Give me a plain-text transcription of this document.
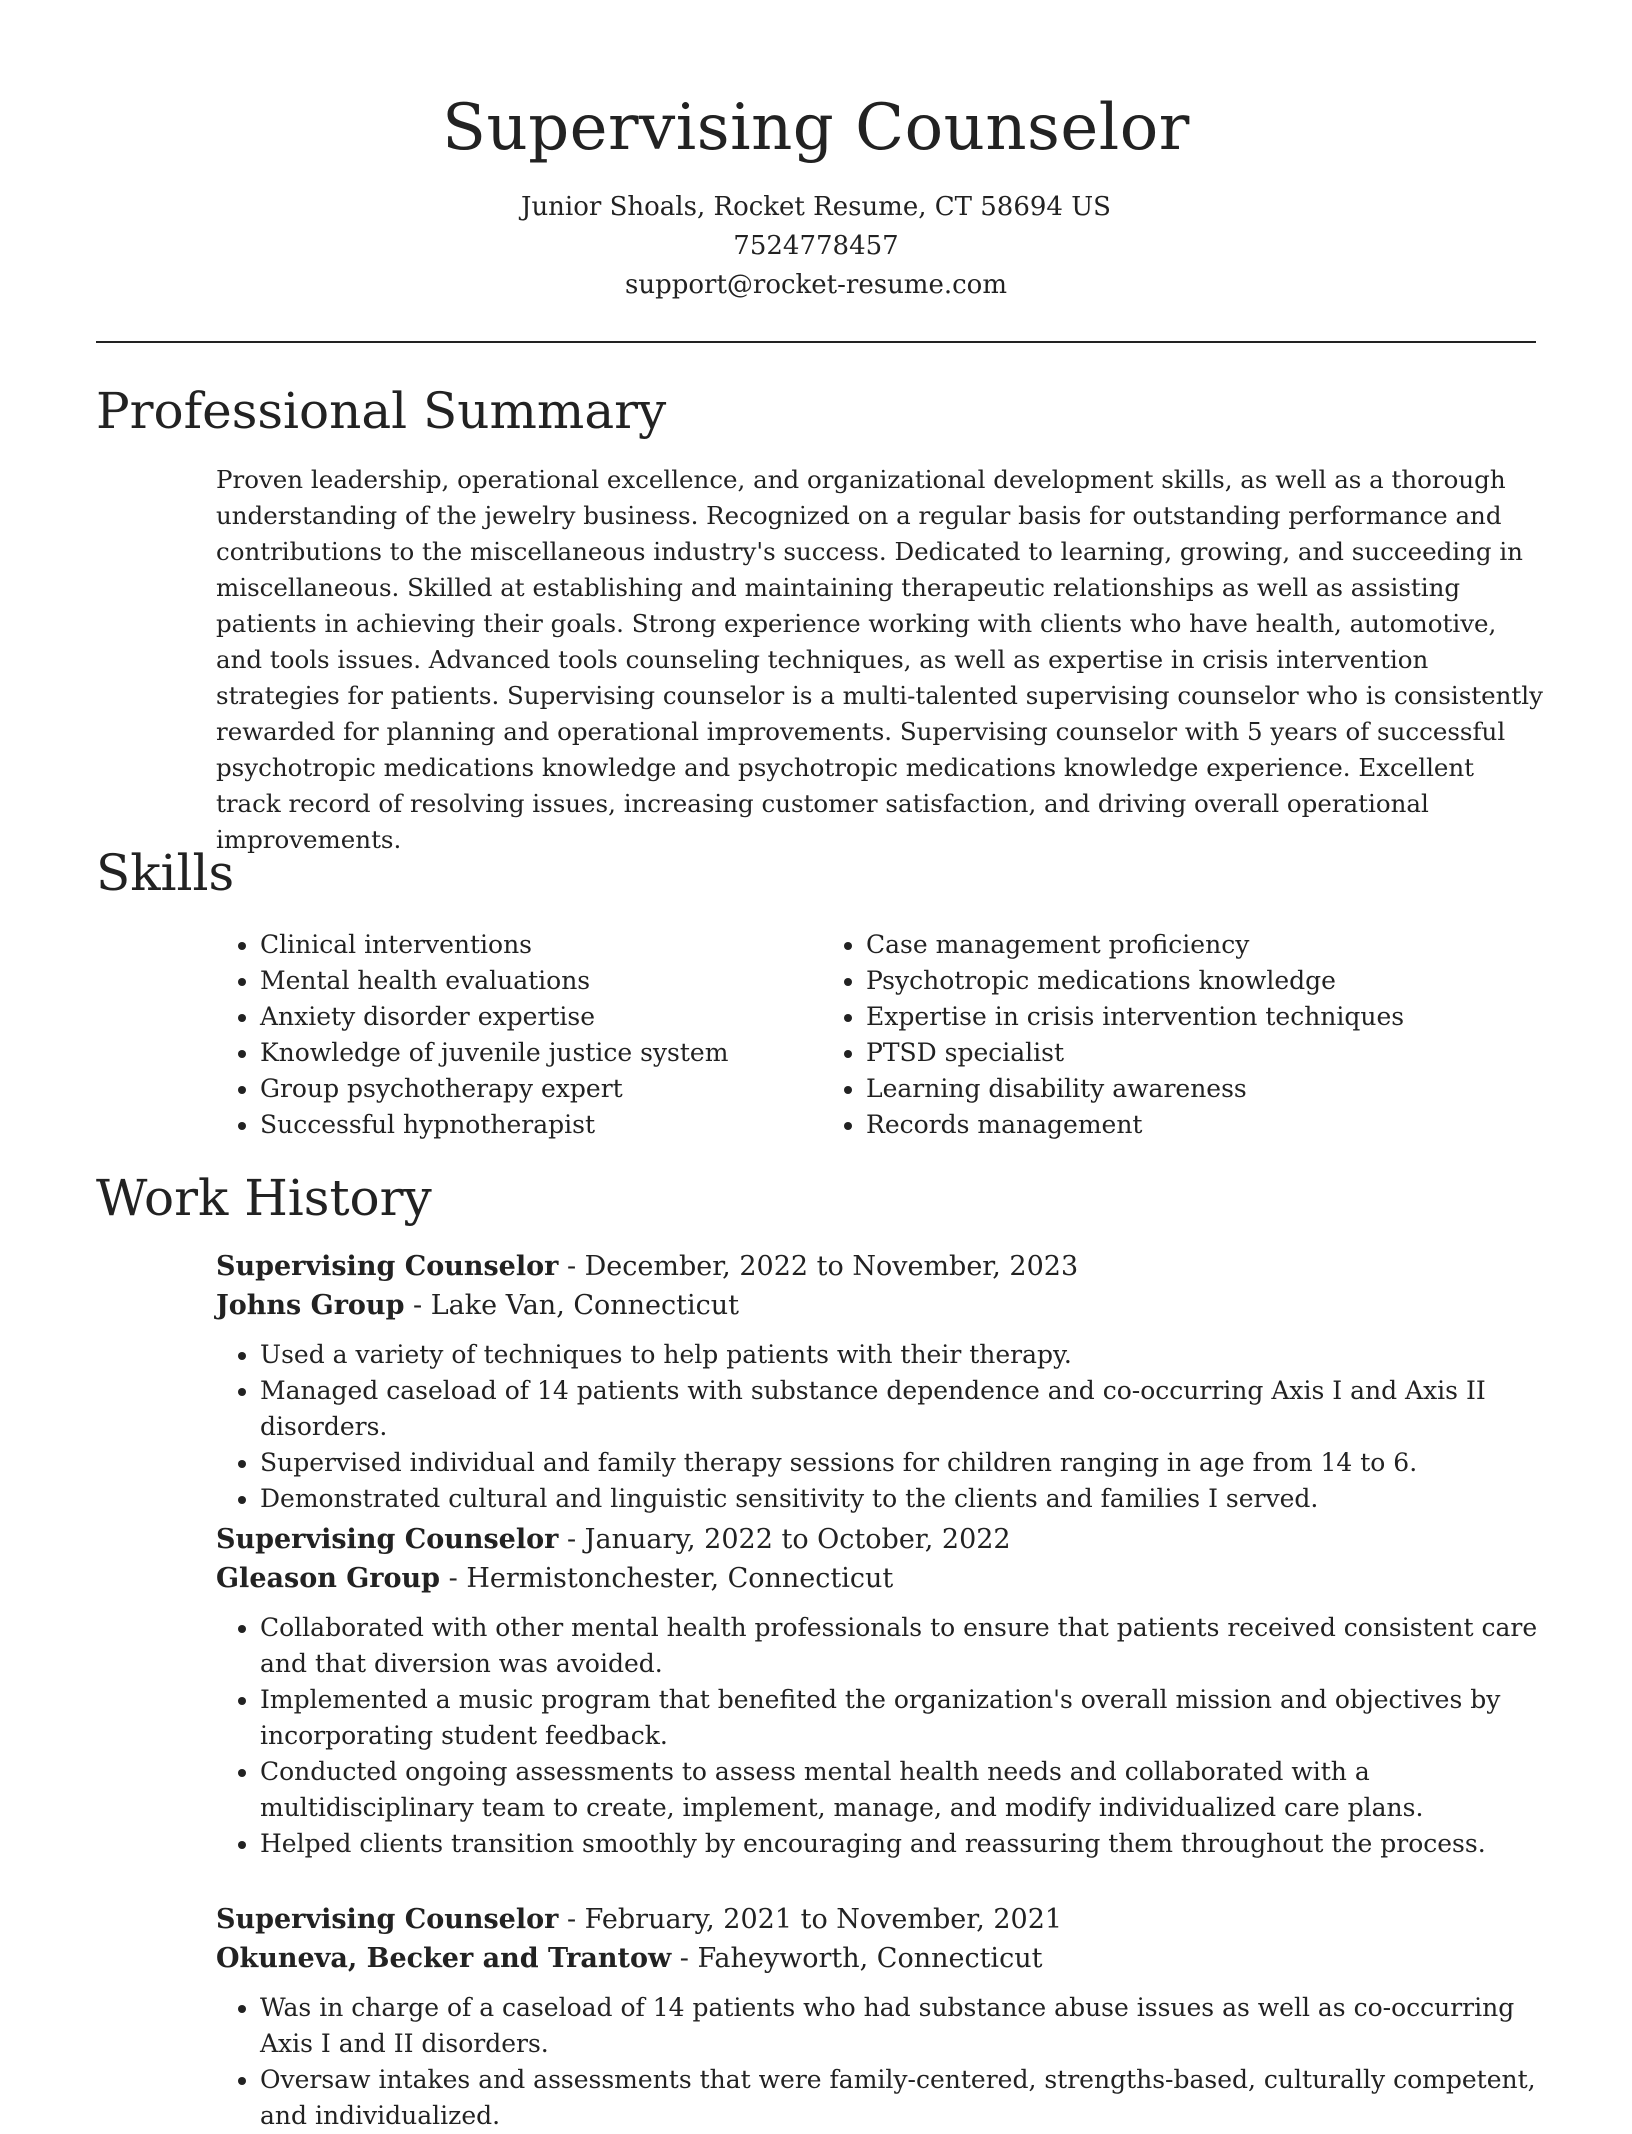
Supervising Counselor

Junior Shoals, Rocket Resume, CT 58694 US

7524778457

support@rocket-resume.com

Professional Summary

Proven leadership, operational excellence, and organizational development skills, as well as a thorough understanding of the jewelry business. Recognized on a regular basis for outstanding performance and contributions to the miscellaneous industry's success. Dedicated to learning, growing, and succeeding in miscellaneous. Skilled at establishing and maintaining therapeutic relationships as well as assisting patients in achieving their goals. Strong experience working with clients who have health, automotive, and tools issues. Advanced tools counseling techniques, as well as expertise in crisis intervention strategies for patients. Supervising counselor is a multi-talented supervising counselor who is consistently rewarded for planning and operational improvements. Supervising counselor with 5 years of successful psychotropic medications knowledge and psychotropic medications knowledge experience. Excellent track record of resolving issues, increasing customer satisfaction, and driving overall operational improvements.

Skills
• Clinical interventions
• Mental health evaluations
• Anxiety disorder expertise
• Knowledge of juvenile justice system
• Group psychotherapy expert
• Successful hypnotherapist
• Case management proficiency
• Psychotropic medications knowledge
• Expertise in crisis intervention techniques
• PTSD specialist
• Learning disability awareness
• Records management
Work History

Supervising Counselor - December, 2022 to November, 2023

Johns Group - Lake Van, Connecticut

• Used a variety of techniques to help patients with their therapy.
• Managed caseload of 14 patients with substance dependence and co-occurring Axis I and Axis II disorders.
• Supervised individual and family therapy sessions for children ranging in age from 14 to 6.
• Demonstrated cultural and linguistic sensitivity to the clients and families I served.

Supervising Counselor - January, 2022 to October, 2022

Gleason Group - Hermistonchester, Connecticut

• Collaborated with other mental health professionals to ensure that patients received consistent care and that diversion was avoided.
• Implemented a music program that benefited the organization's overall mission and objectives by incorporating student feedback.
• Conducted ongoing assessments to assess mental health needs and collaborated with a multidisciplinary team to create, implement, manage, and modify individualized care plans.
• Helped clients transition smoothly by encouraging and reassuring them throughout the process.

Supervising Counselor - February, 2021 to November, 2021

Okuneva, Becker and Trantow - Faheyworth, Connecticut

• Was in charge of a caseload of 14 patients who had substance abuse issues as well as co-occurring Axis I and II disorders.
• Oversaw intakes and assessments that were family-centered, strengths-based, culturally competent, and individualized.
